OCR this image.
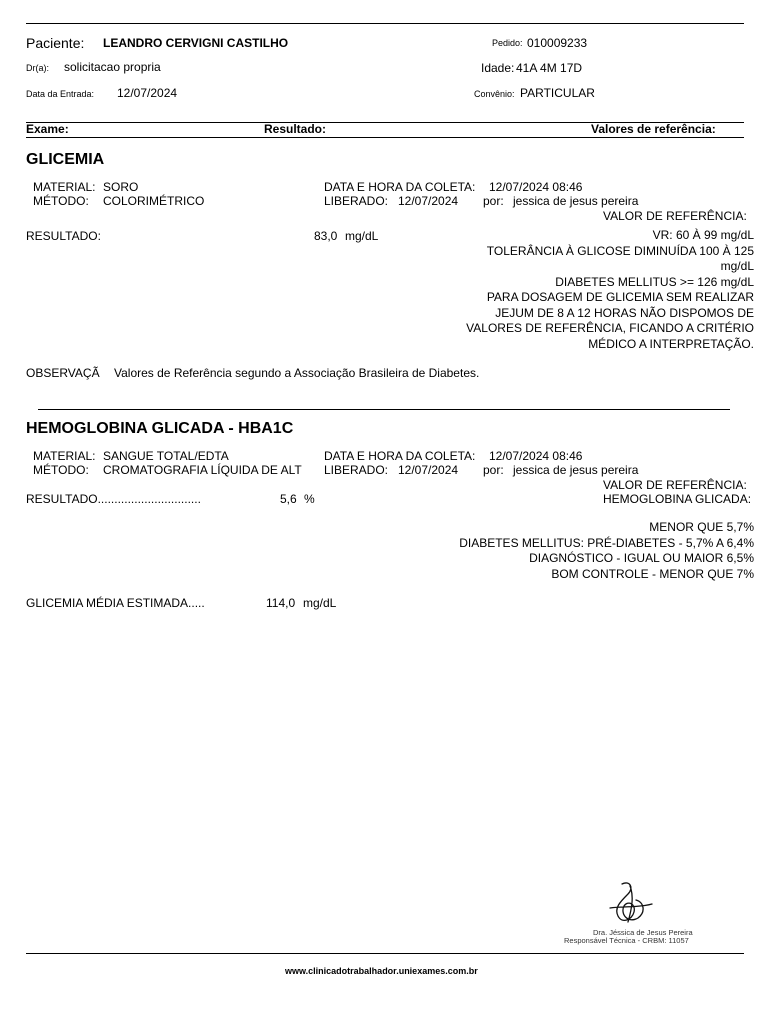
Paciente: LEANDRO CERVIGNI CASTILHO	Pedido: 010009233
Dr(a): solicitacao propria	Idade: 41A 4M 17D
Data da Entrada: 12/07/2024	Convênio: PARTICULAR
Exame:	Resultado:	Valores de referência:
GLICEMIA
MATERIAL: SORO	DATA E HORA DA COLETA: 12/07/2024 08:46
MÉTODO: COLORIMÉTRICO	LIBERADO: 12/07/2024 por: jessica de jesus pereira
VALOR DE REFERÊNCIA:
RESULTADO:	83,0 mg/dL	VR: 60 À 99 mg/dL
TOLERÂNCIA À GLICOSE DIMINUÍDA 100 À 125
mg/dL
DIABETES MELLITUS >= 126 mg/dL
PARA DOSAGEM DE GLICEMIA SEM REALIZAR
JEJUM DE 8 A 12 HORAS NÃO DISPOMOS DE
VALORES DE REFERÊNCIA, FICANDO A CRITÉRIO
MÉDICO A INTERPRETAÇÃO.
OBSERVAÇÃ Valores de Referência segundo a Associação Brasileira de Diabetes.
HEMOGLOBINA GLICADA - HBA1C
MATERIAL: SANGUE TOTAL/EDTA	DATA E HORA DA COLETA: 12/07/2024 08:46
MÉTODO: CROMATOGRAFIA LÍQUIDA DE ALT	LIBERADO: 12/07/2024 por: jessica de jesus pereira
VALOR DE REFERÊNCIA:
HEMOGLOBINA GLICADA:
RESULTADO...............................	5,6 %
MENOR QUE 5,7%
DIABETES MELLITUS: PRÉ-DIABETES - 5,7% A 6,4%
DIAGNÓSTICO - IGUAL OU MAIOR 6,5%
BOM CONTROLE - MENOR QUE 7%
GLICEMIA MÉDIA ESTIMADA.....	114,0 mg/dL
Dra. Jéssica de Jesus Pereira
Responsável Técnica - CRBM: 11057
www.clinicadotrabalhador.uniexames.com.br
